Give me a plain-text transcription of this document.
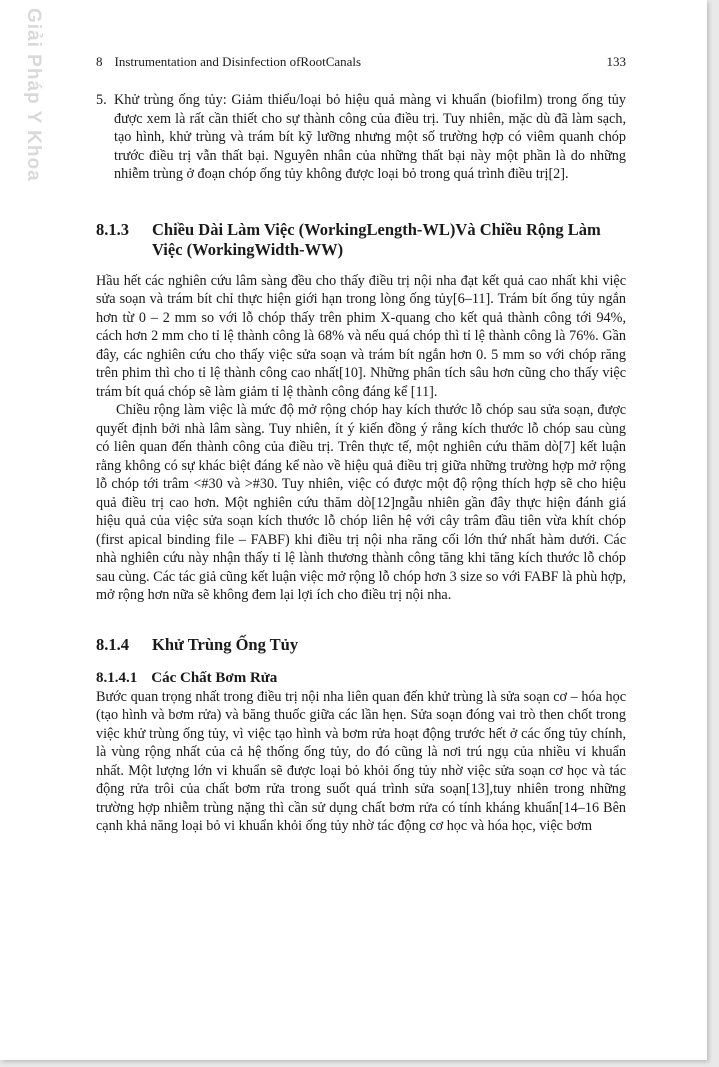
Giải Pháp Y Khoa	8 Instrumentation and Disinfection ofRootCanals	133
5. Khử trùng ống tủy: Giảm thiểu/loại bỏ hiệu quả màng vi khuẩn (biofilm) trong ống tủy được xem là rất cần thiết cho sự thành công của điều trị. Tuy nhiên, mặc dù đã làm sạch, tạo hình, khử trùng và trám bít kỹ lưỡng nhưng một số trường hợp có viêm quanh chóp trước điều trị vẫn thất bại. Nguyên nhân của những thất bại này một phần là do những nhiễm trùng ở đoạn chóp ống tủy không được loại bỏ trong quá trình điều trị[2].

8.1.3	Chiều Dài Làm Việc (WorkingLength-WL)Và Chiều Rộng Làm Việc (WorkingWidth-WW)

Hầu hết các nghiên cứu lâm sàng đều cho thấy điều trị nội nha đạt kết quả cao nhất khi việc sửa soạn và trám bít chỉ thực hiện giới hạn trong lòng ống tủy[6–11]. Trám bít ống tủy ngắn hơn từ 0 – 2 mm so với lỗ chóp thấy trên phim X-quang cho kết quả thành công tới 94%, cách hơn 2 mm cho tỉ lệ thành công là 68% và nếu quá chóp thì tỉ lệ thành công là 76%. Gần đây, các nghiên cứu cho thấy việc sửa soạn và trám bít ngắn hơn 0. 5 mm so với chóp răng trên phim thì cho tỉ lệ thành công cao nhất[10]. Những phân tích sâu hơn cũng cho thấy việc trám bít quá chóp sẽ làm giảm tỉ lệ thành công đáng kể [11].

Chiều rộng làm việc là mức độ mở rộng chóp hay kích thước lỗ chóp sau sửa soạn, được quyết định bởi nhà lâm sàng. Tuy nhiên, ít ý kiến đồng ý rằng kích thước lỗ chóp sau cùng có liên quan đến thành công của điều trị. Trên thực tế, một nghiên cứu thăm dò[7] kết luận rằng không có sự khác biệt đáng kể nào về hiệu quả điều trị giữa những trường hợp mở rộng lỗ chóp tới trâm <#30 và >#30. Tuy nhiên, việc có được một độ rộng thích hợp sẽ cho hiệu quả điều trị cao hơn. Một nghiên cứu thăm dò[12]ngẫu nhiên gần đây thực hiện đánh giá hiệu quả của việc sửa soạn kích thước lỗ chóp liên hệ với cây trâm đầu tiên vừa khít chóp (first apical binding file – FABF) khi điều trị nội nha răng cối lớn thứ nhất hàm dưới. Các nhà nghiên cứu này nhận thấy tỉ lệ lành thương thành công tăng khi tăng kích thước lỗ chóp sau cùng. Các tác giả cũng kết luận việc mở rộng lỗ chóp hơn 3 size so với FABF là phù hợp, mở rộng hơn nữa sẽ không đem lại lợi ích cho điều trị nội nha.

8.1.4	Khử Trùng Ống Tủy
8.1.4.1 Các Chất Bơm Rửa

Bước quan trọng nhất trong điều trị nội nha liên quan đến khử trùng là sửa soạn cơ – hóa học (tạo hình và bơm rửa) và băng thuốc giữa các lần hẹn. Sửa soạn đóng vai trò then chốt trong việc khử trùng ống tủy, vì việc tạo hình và bơm rửa hoạt động trước hết ở các ống tủy chính, là vùng rộng nhất của cả hệ thống ống tủy, do đó cũng là nơi trú ngụ của nhiều vi khuẩn nhất. Một lượng lớn vi khuẩn sẽ được loại bỏ khỏi ống tủy nhờ việc sửa soạn cơ học và tác động rửa trôi của chất bơm rửa trong suốt quá trình sửa soạn[13],tuy nhiên trong những trường hợp nhiễm trùng nặng thì cần sử dụng chất bơm rửa có tính kháng khuẩn[14–16 Bên cạnh khả năng loại bỏ vi khuẩn khỏi ống tủy nhờ tác động cơ học và hóa học, việc bơm
